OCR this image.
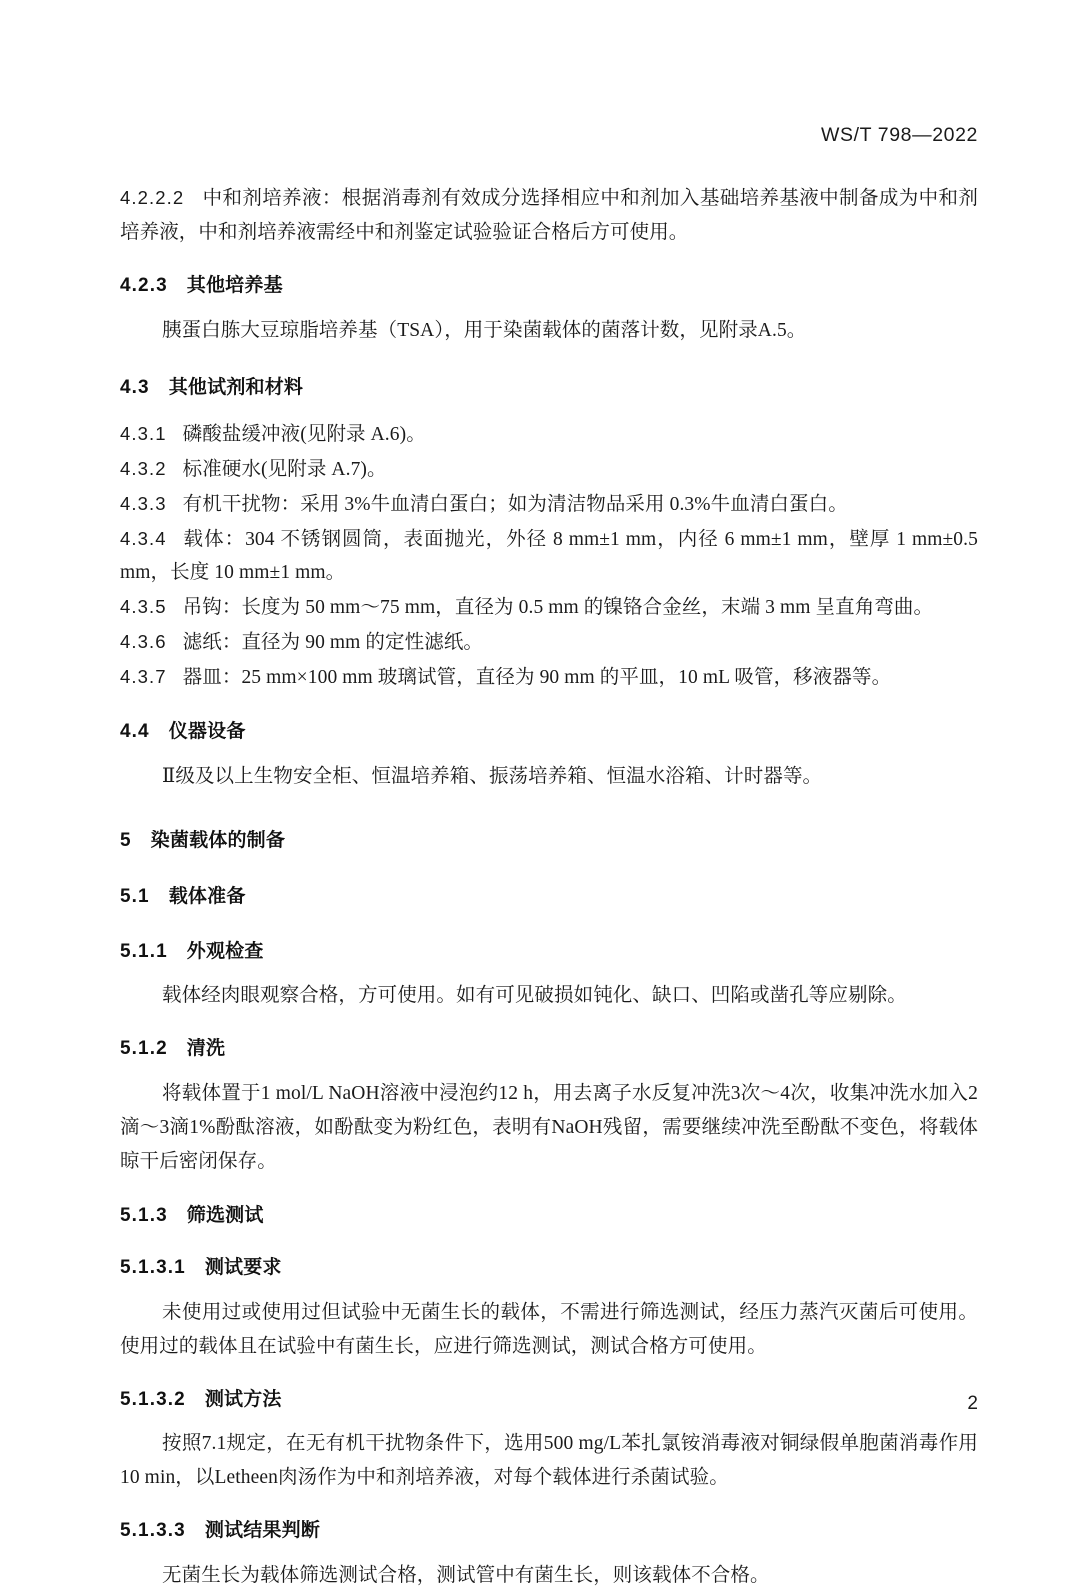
WS/T 798—2022

4.2.2.2 中和剂培养液：根据消毒剂有效成分选择相应中和剂加入基础培养基液中制备成为中和剂培养液，中和剂培养液需经中和剂鉴定试验验证合格后方可使用。

4.2.3 其他培养基

胰蛋白胨大豆琼脂培养基（TSA），用于染菌载体的菌落计数，见附录A.5。

4.3 其他试剂和材料

4.3.1 磷酸盐缓冲液(见附录 A.6)。

4.3.2 标准硬水(见附录 A.7)。

4.3.3 有机干扰物：采用 3%牛血清白蛋白；如为清洁物品采用 0.3%牛血清白蛋白。

4.3.4 载体：304 不锈钢圆筒，表面抛光，外径 8 mm±1 mm，内径 6 mm±1 mm，壁厚 1 mm±0.5 mm，长度 10 mm±1 mm。

4.3.5 吊钩：长度为 50 mm～75 mm，直径为 0.5 mm 的镍铬合金丝，末端 3 mm 呈直角弯曲。

4.3.6 滤纸：直径为 90 mm 的定性滤纸。

4.3.7 器皿：25 mm×100 mm 玻璃试管，直径为 90 mm 的平皿，10 mL 吸管，移液器等。

4.4 仪器设备

Ⅱ级及以上生物安全柜、恒温培养箱、振荡培养箱、恒温水浴箱、计时器等。

5 染菌载体的制备
5.1 载体准备
5.1.1 外观检查

载体经肉眼观察合格，方可使用。如有可见破损如钝化、缺口、凹陷或凿孔等应剔除。

5.1.2 清洗

将载体置于1 mol/L NaOH溶液中浸泡约12 h，用去离子水反复冲洗3次～4次，收集冲洗水加入2滴～3滴1%酚酞溶液，如酚酞变为粉红色，表明有NaOH残留，需要继续冲洗至酚酞不变色，将载体晾干后密闭保存。

5.1.3 筛选测试
5.1.3.1 测试要求

未使用过或使用过但试验中无菌生长的载体，不需进行筛选测试，经压力蒸汽灭菌后可使用。使用过的载体且在试验中有菌生长，应进行筛选测试，测试合格方可使用。

5.1.3.2 测试方法

按照7.1规定，在无有机干扰物条件下，选用500 mg/L苯扎氯铵消毒液对铜绿假单胞菌消毒作用10 min，以Letheen肉汤作为中和剂培养液，对每个载体进行杀菌试验。

5.1.3.3 测试结果判断

无菌生长为载体筛选测试合格，测试管中有菌生长，则该载体不合格。

2
